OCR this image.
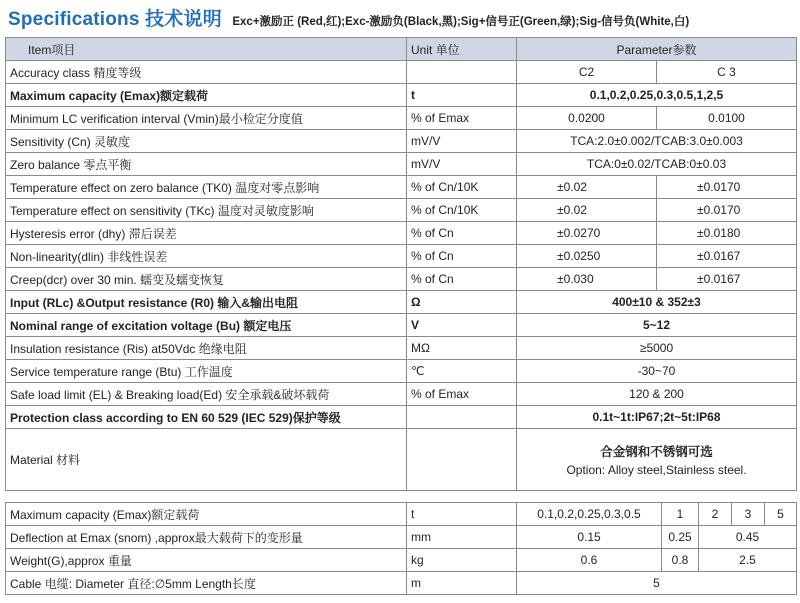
Specifications 技术说明 Exc+激励正 (Red,红);Exc-激励负(Black,黑);Sig+信号正(Green,绿);Sig-信号负(White,白)
Item项目	Unit 单位	Parameter参数	
Accuracy class 精度等级		C2	C 3
Maximum capacity (Emax)额定载荷	t	0.1,0.2,0.25,0.3,0.5,1,2,5	
Minimum LC verification interval (Vmin)最小检定分度值	% of Emax	0.0200	0.0100
Sensitivity (Cn) 灵敏度	mV/V	TCA:2.0±0.002/TCAB:3.0±0.003	
Zero balance 零点平衡	mV/V	TCA:0±0.02/TCAB:0±0.03	
Temperature effect on zero balance (TK0) 温度对零点影响	% of Cn/10K	±0.02	±0.0170
Temperature effect on sensitivity (TKc) 温度对灵敏度影响	% of Cn/10K	±0.02	±0.0170
Hysteresis error (dhy) 滞后误差	% of Cn	±0.0270	±0.0180
Non-linearity(dlin) 非线性误差	% of Cn	±0.0250	±0.0167
Creep(dcr) over 30 min. 蠕变及蠕变恢复	% of Cn	±0.030	±0.0167
Input (RLc) &Output resistance (R0) 输入&输出电阻	Ω	400±10 & 352±3	
Nominal range of excitation voltage (Bu) 额定电压	V	5~12	
Insulation resistance (Ris) at50Vdc 绝缘电阻	MΩ	≥5000	
Service temperature range (Btu) 工作温度	℃	-30~70	
Safe load limit (EL) & Breaking load(Ed) 安全承载&破坏载荷	% of Emax	120 & 200	
Protection class according to EN 60 529 (IEC 529)保护等级		0.1t~1t:IP67;2t~5t:IP68	
Material 材料		合金钢和不锈钢可选
Option: Alloy steel,Stainless steel.	
Maximum capacity (Emax)额定载荷	t	0.1,0.2,0.25,0.3,0.5	1	2	3	5
Deflection at Emax (snom) ,approx最大载荷下的变形量	mm	0.15	0.25	0.45		
Weight(G),approx 重量	kg	0.6	0.8	2.5		
Cable 电缆: Diameter 直径:∅5mm Length长度	m	5				
